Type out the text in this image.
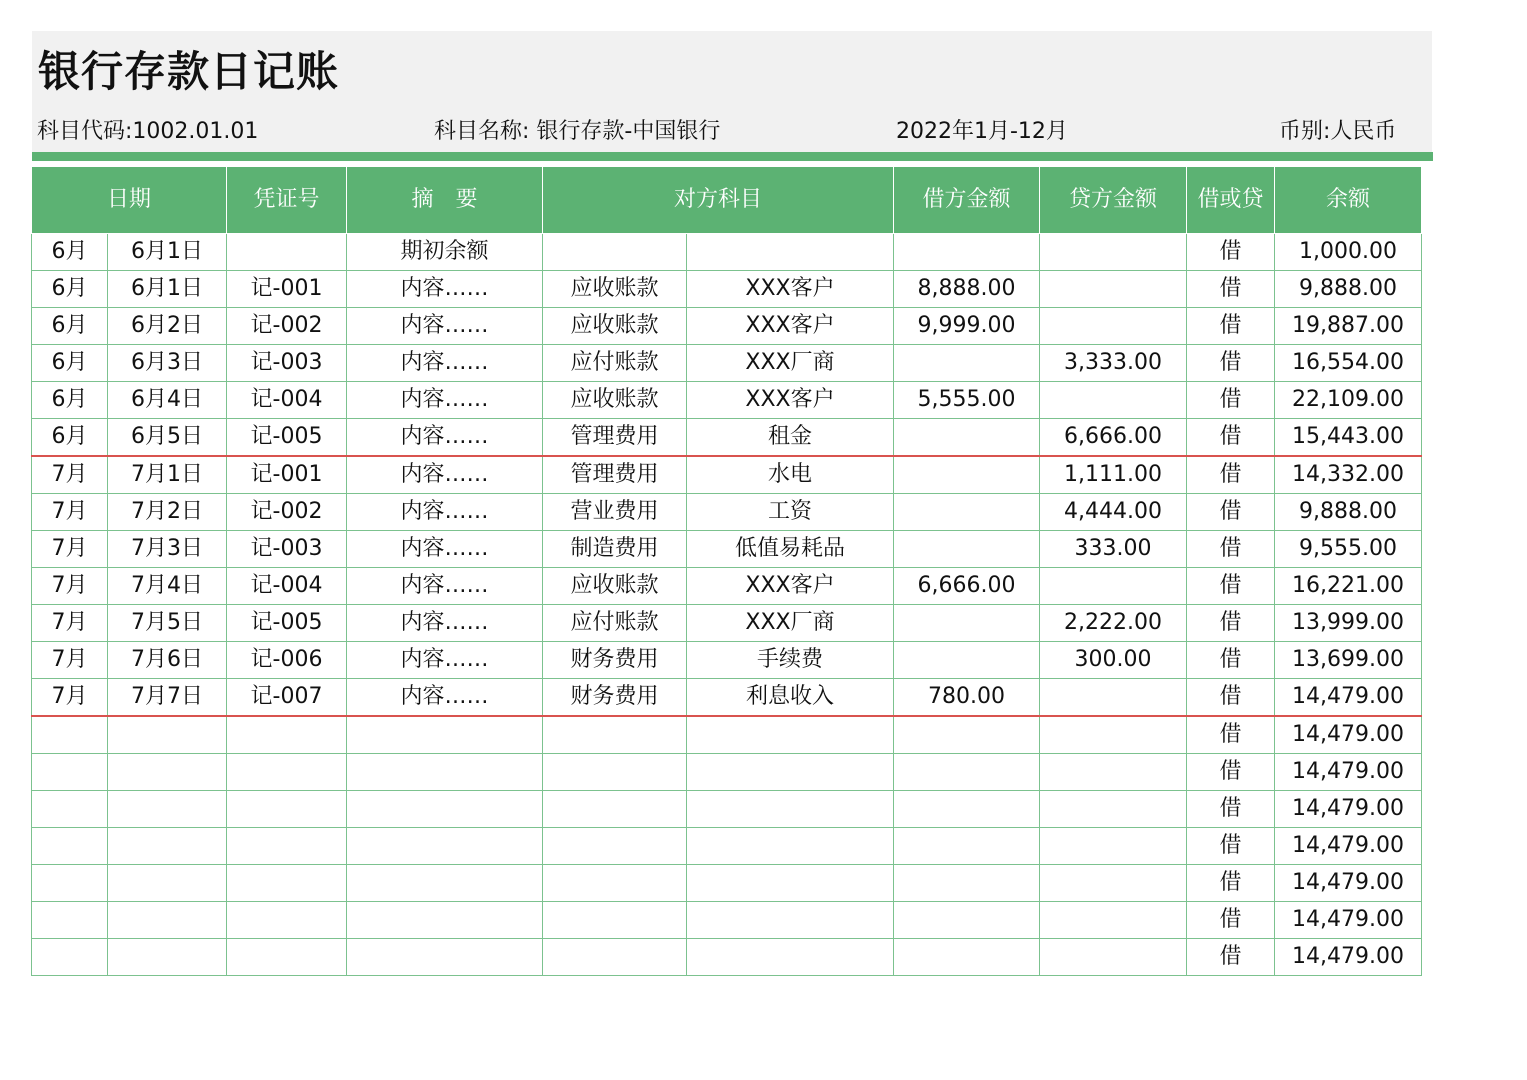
银行存款日记账
科目代码:1002.01.01	科目名称: 银行存款-中国银行	2022年1月-12月	币别:人民币
日期		凭证号	摘　要	对方科目		借方金额	贷方金额	借或贷	余额
6月	6月1日		期初余额					借	1,000.00
6月	6月1日	记-001	内容……	应收账款	XXX客户	8,888.00		借	9,888.00
6月	6月2日	记-002	内容……	应收账款	XXX客户	9,999.00		借	19,887.00
6月	6月3日	记-003	内容……	应付账款	XXX厂商		3,333.00	借	16,554.00
6月	6月4日	记-004	内容……	应收账款	XXX客户	5,555.00		借	22,109.00
6月	6月5日	记-005	内容……	管理费用	租金		6,666.00	借	15,443.00
7月	7月1日	记-001	内容……	管理费用	水电		1,111.00	借	14,332.00
7月	7月2日	记-002	内容……	营业费用	工资		4,444.00	借	9,888.00
7月	7月3日	记-003	内容……	制造费用	低值易耗品		333.00	借	9,555.00
7月	7月4日	记-004	内容……	应收账款	XXX客户	6,666.00		借	16,221.00
7月	7月5日	记-005	内容……	应付账款	XXX厂商		2,222.00	借	13,999.00
7月	7月6日	记-006	内容……	财务费用	手续费		300.00	借	13,699.00
7月	7月7日	记-007	内容……	财务费用	利息收入	780.00		借	14,479.00
								借	14,479.00
								借	14,479.00
								借	14,479.00
								借	14,479.00
								借	14,479.00
								借	14,479.00
								借	14,479.00
